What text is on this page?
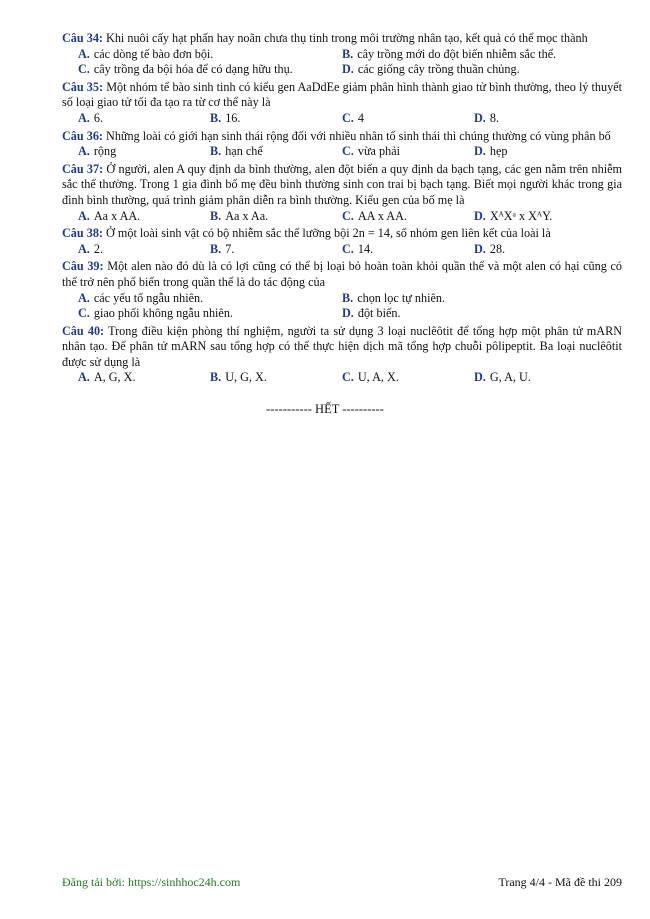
Câu 34: Khi nuôi cấy hạt phấn hay noãn chưa thụ tinh trong môi trường nhân tạo, kết quả có thể mọc thành
A. các dòng tế bào đơn bội.	B. cây trồng mới do đột biến nhiễm sắc thể.
C. cây trồng đa bội hóa để có dạng hữu thụ.	D. các giống cây trồng thuần chủng.
Câu 35: Một nhóm tế bào sinh tinh có kiểu gen AaDdEe giảm phân hình thành giao tử bình thường, theo lý thuyết số loại giao tử tối đa tạo ra từ cơ thể này là
A. 6.	B. 16.	C. 4	D. 8.
Câu 36: Những loài có giới hạn sinh thái rộng đối với nhiều nhân tố sinh thái thì chúng thường có vùng phân bố
A. rộng	B. hạn chế	C. vừa phải	D. hẹp
Câu 37: Ở người, alen A quy định da bình thường, alen đột biến a quy định da bạch tạng, các gen nằm trên nhiễm sắc thể thường. Trong 1 gia đình bố mẹ đều bình thường sinh con trai bị bạch tạng. Biết mọi người khác trong gia đình bình thường, quá trình giảm phân diễn ra bình thường. Kiểu gen của bố mẹ là
A. Aa x AA.	B. Aa x Aa.	C. AA x AA.	D. XᴬXᵃ x XᴬY.
Câu 38: Ở một loài sinh vật có bộ nhiễm sắc thể lưỡng bội 2n = 14, số nhóm gen liên kết của loài là
A. 2.	B. 7.	C. 14.	D. 28.
Câu 39: Một alen nào đó dù là có lợi cũng có thể bị loại bỏ hoàn toàn khỏi quần thể và một alen có hại cũng có thể trở nên phổ biến trong quần thể là do tác động của
A. các yếu tố ngẫu nhiên.	B. chọn lọc tự nhiên.
C. giao phối không ngẫu nhiên.	D. đột biến.
Câu 40: Trong điều kiện phòng thí nghiệm, người ta sử dụng 3 loại nuclêôtit để tổng hợp một phân tử mARN nhân tạo. Để phân tử mARN sau tổng hợp có thể thực hiện dịch mã tổng hợp chuỗi pôlipeptit. Ba loại nuclêôtit được sử dụng là
A. A, G, X.	B. U, G, X.	C. U, A, X.	D. G, A, U.
----------- HẾT ----------
Đăng tải bởi: https://sinhhoc24h.com	Trang 4/4 - Mã đề thi 209
